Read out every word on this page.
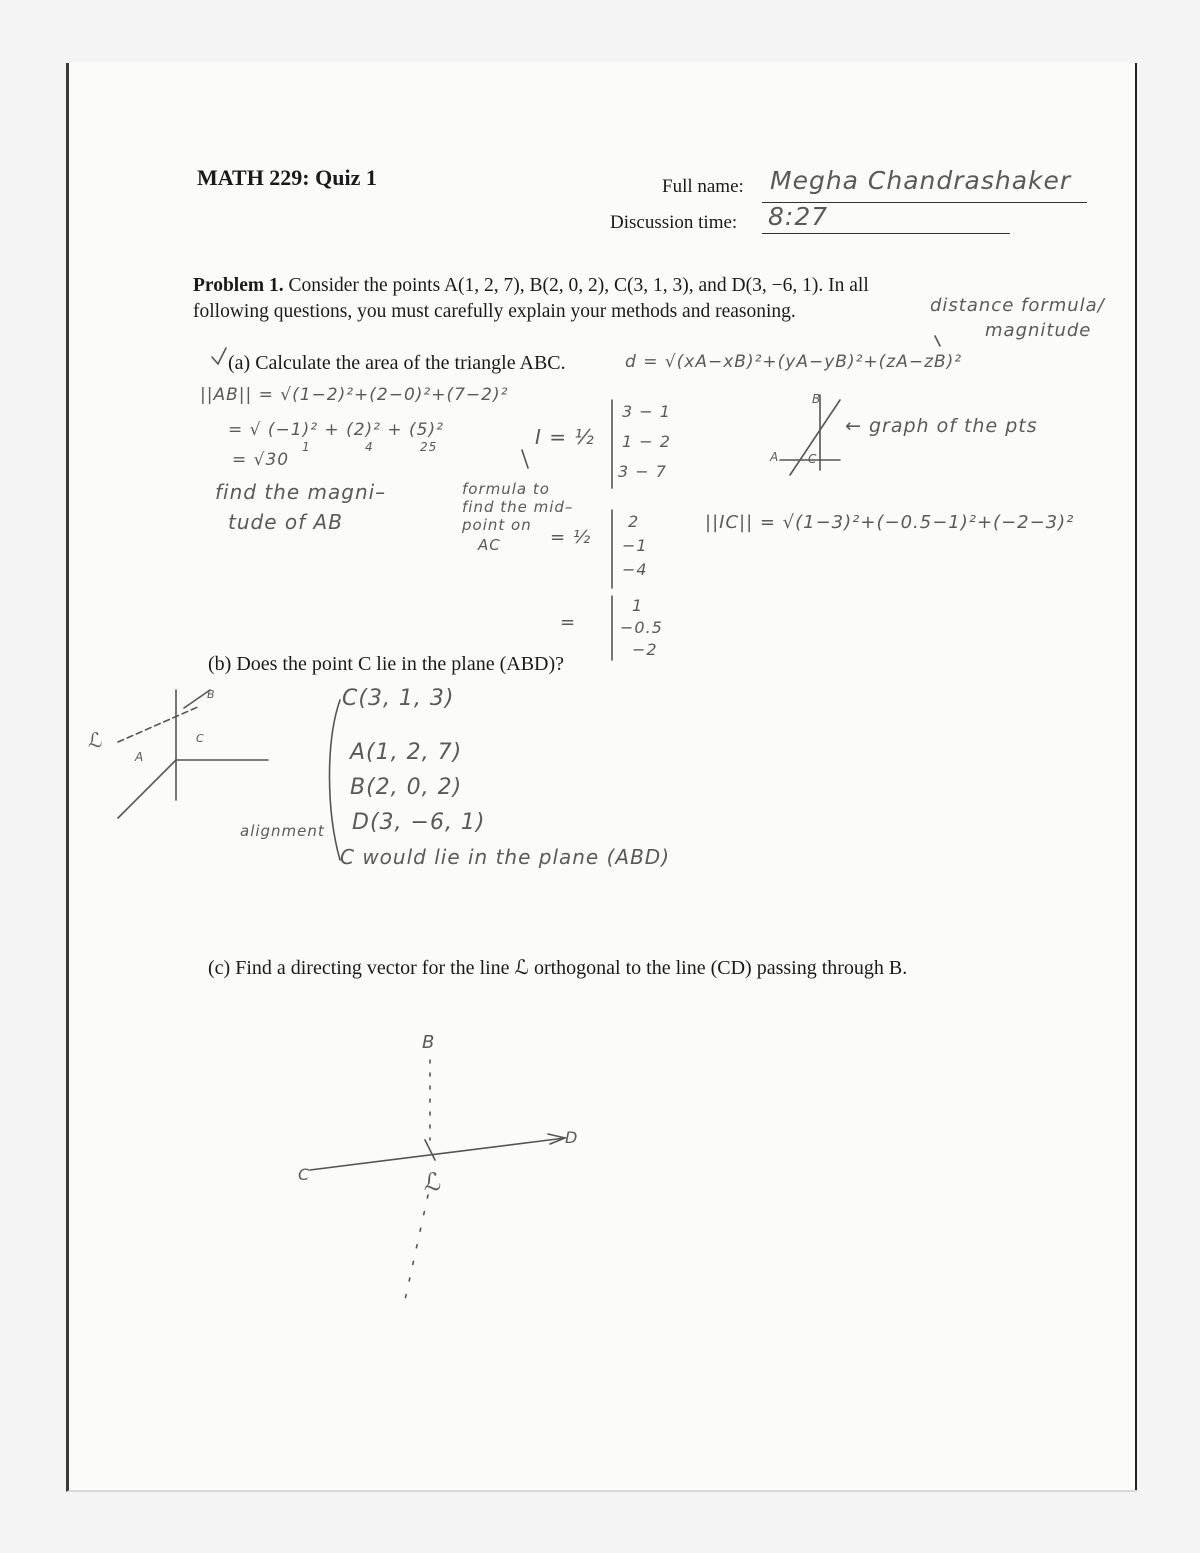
MATH 229: Quiz 1	Full name:
Discussion time:
Megha Chandrashaker
8:27
Problem 1. Consider the points A(1, 2, 7), B(2, 0, 2), C(3, 1, 3), and D(3, −6, 1). In all
following questions, you must carefully explain your methods and reasoning.
(a) Calculate the area of the triangle ABC.
(b) Does the point C lie in the plane (ABD)?
(c) Find a directing vector for the line ℒ orthogonal to the line (CD) passing through B.
distance formula/
magnitude
d = √(xA−xB)²+(yA−yB)²+(zA−zB)²
||AB|| = √(1−2)²+(2−0)²+(7−2)²
= √ (−1)² + (2)² + (5)²
1	4	25
= √30
find the magni–
tude of AB
I = ½
3 − 1
1 − 2
3 − 7
formula to
find the mid–
point on
AC	= ½
2
−1
−4
=
1
−0.5
−2
← graph of the pts
||IC|| = √(1−3)²+(−0.5−1)²+(−2−3)²
C(3, 1, 3)
A(1, 2, 7)
B(2, 0, 2)
D(3, −6, 1)
alignment
C would lie in the plane (ABD)
B
A C
B
A
C
ℒ
B
C
D
ℒ
